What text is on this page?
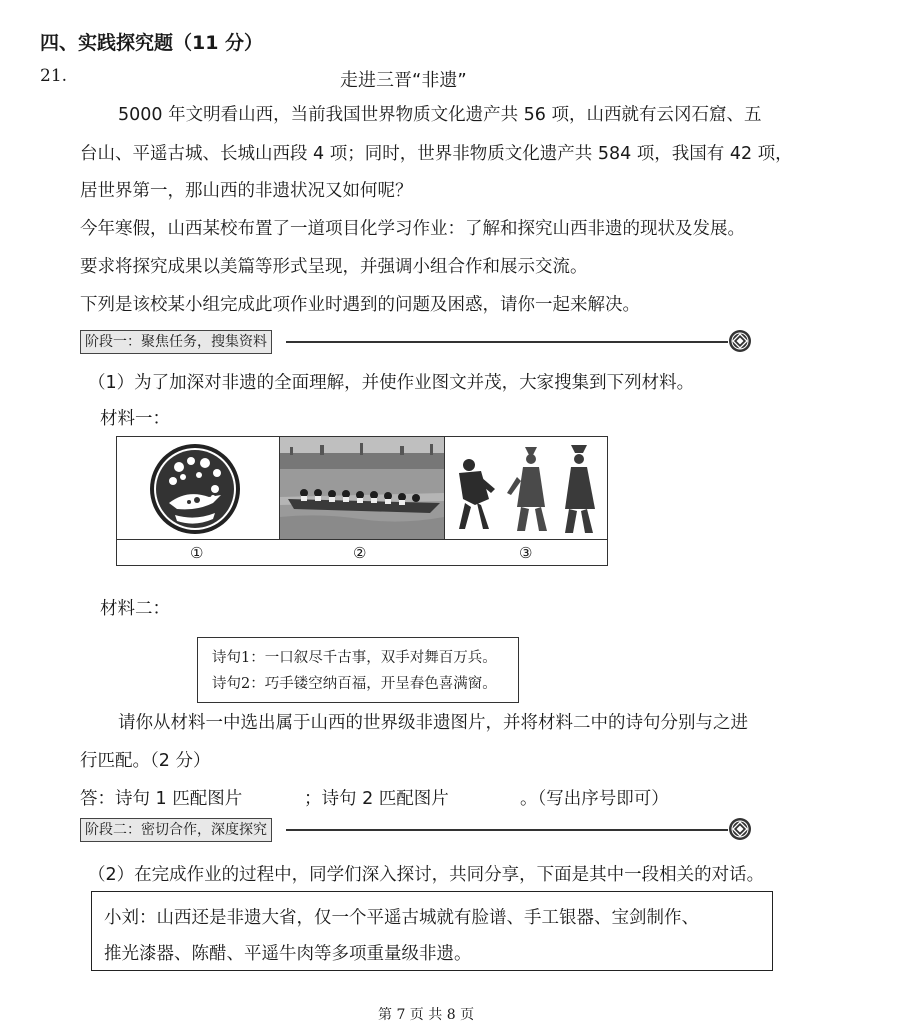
四、实践探究题（11 分）
21.	走进三晋“非遗”
5000 年文明看山西，当前我国世界物质文化遗产共 56 项，山西就有云冈石窟、五
台山、平遥古城、长城山西段 4 项；同时，世界非物质文化遗产共 584 项，我国有 42 项，
居世界第一，那山西的非遗状况又如何呢？
今年寒假，山西某校布置了一道项目化学习作业：了解和探究山西非遗的现状及发展。
要求将探究成果以美篇等形式呈现，并强调小组合作和展示交流。
下列是该校某小组完成此项作业时遇到的问题及困惑，请你一起来解决。
阶段一：聚焦任务，搜集资料
（1）为了加深对非遗的全面理解，并使作业图文并茂，大家搜集到下列材料。
材料一：
①	②	③
材料二：
诗句1：一口叙尽千古事，双手对舞百万兵。
诗句2：巧手镂空纳百福，开呈春色喜满窗。
请你从材料一中选出属于山西的世界级非遗图片，并将材料二中的诗句分别与之进
行匹配。（2 分）
答：诗句 1 匹配图片	；诗句 2 匹配图片	。（写出序号即可）
阶段二：密切合作，深度探究
（2）在完成作业的过程中，同学们深入探讨，共同分享，下面是其中一段相关的对话。
小刘：山西还是非遗大省，仅一个平遥古城就有脸谱、手工银器、宝剑制作、
推光漆器、陈醋、平遥牛肉等多项重量级非遗。
第 7 页 共 8 页
